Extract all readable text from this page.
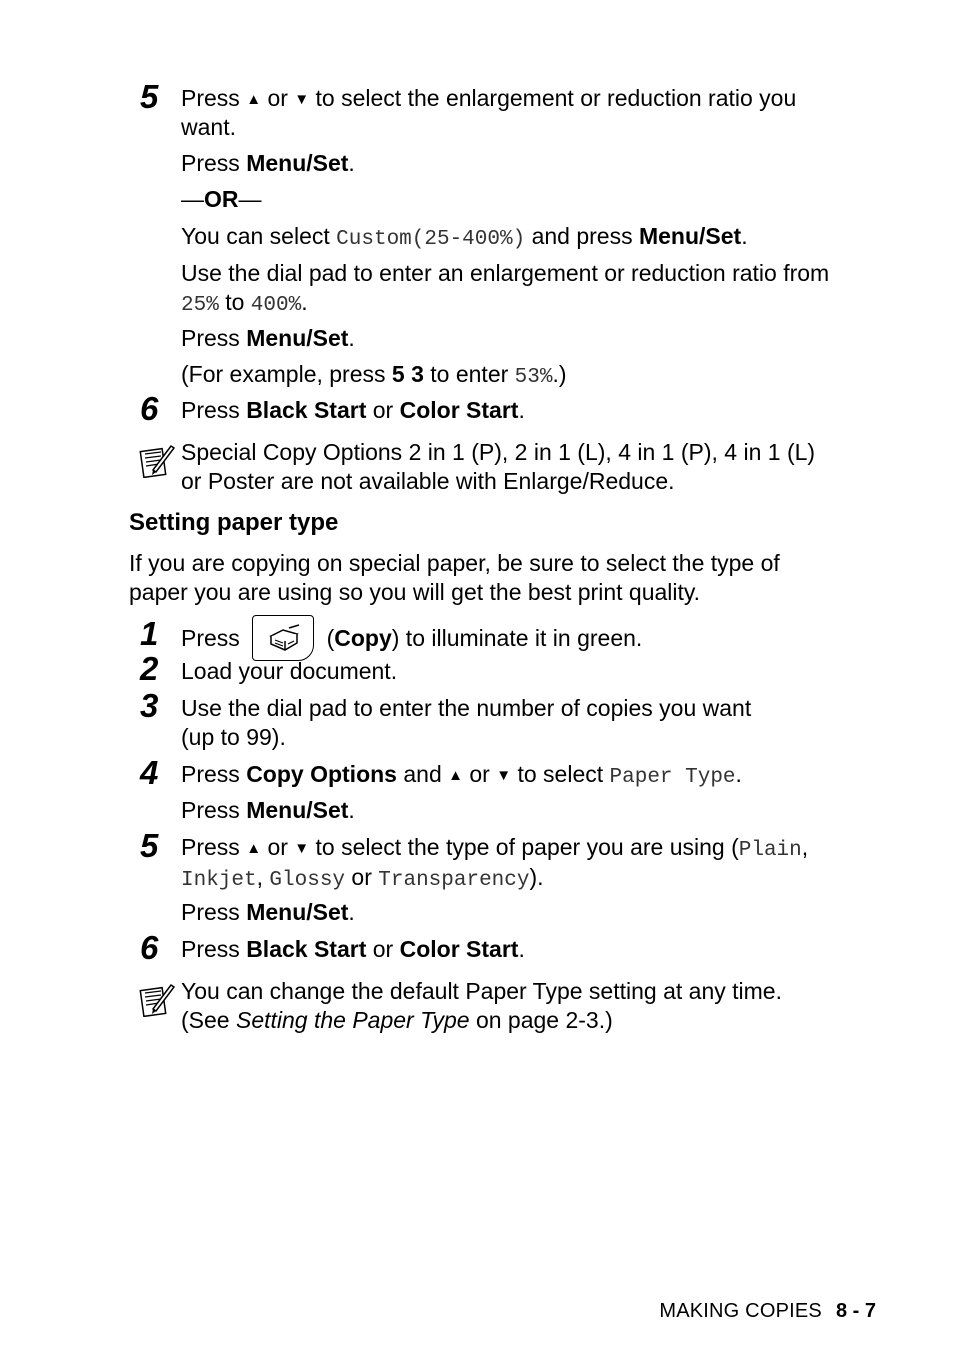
5 Press ▲ or ▼ to select the enlargement or reduction ratio you
want.
Press Menu/Set.
—OR—
You can select Custom(25-400%) and press Menu/Set.
Use the dial pad to enter an enlargement or reduction ratio from
25% to 400%.
Press Menu/Set.
(For example, press 5 3 to enter 53%.)
6 Press Black Start or Color Start.
Special Copy Options 2 in 1 (P), 2 in 1 (L), 4 in 1 (P), 4 in 1 (L)
or Poster are not available with Enlarge/Reduce.
Setting paper type
If you are copying on special paper, be sure to select the type of
paper you are using so you will get the best print quality.
1 Press	(Copy) to illuminate it in green.
2 Load your document.
3 Use the dial pad to enter the number of copies you want
(up to 99).
4 Press Copy Options and ▲ or ▼ to select Paper Type.
Press Menu/Set.
5 Press ▲ or ▼ to select the type of paper you are using (Plain,
Inkjet, Glossy or Transparency).
Press Menu/Set.
6 Press Black Start or Color Start.
You can change the default Paper Type setting at any time.
(See Setting the Paper Type on page 2-3.)
MAKING COPIES 8 - 7
